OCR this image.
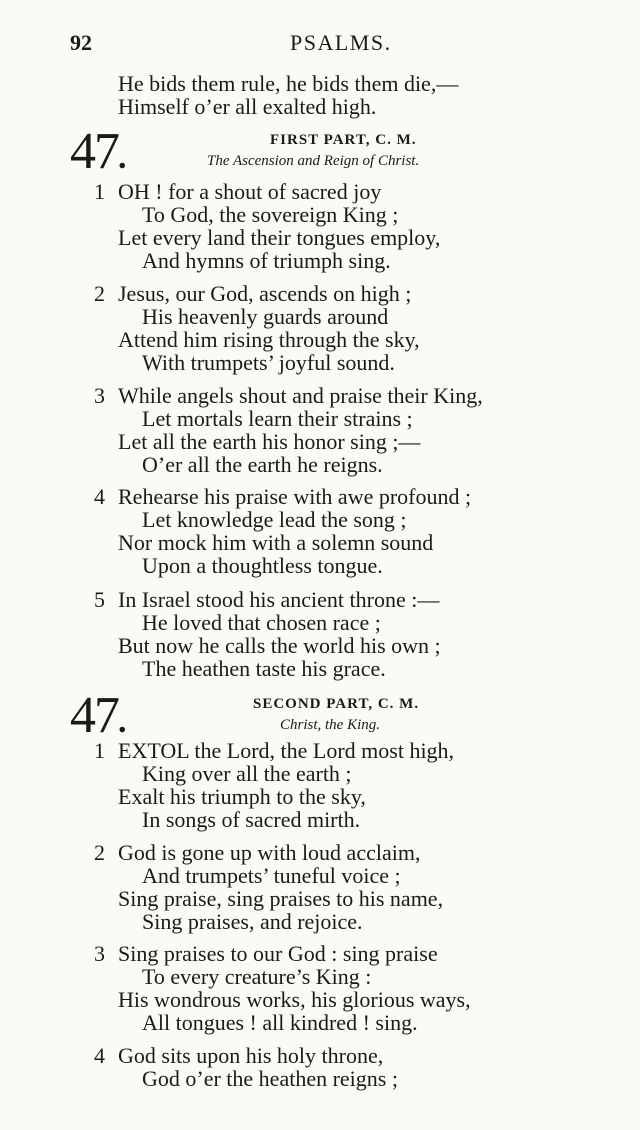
92	PSALMS.
He bids them rule, he bids them die,—
Himself o’er all exalted high.
47.	FIRST PART, C. M.
The Ascension and Reign of Christ.
1 OH ! for a shout of sacred joy
To God, the sovereign King ;
Let every land their tongues employ,
And hymns of triumph sing.
2 Jesus, our God, ascends on high ;
His heavenly guards around
Attend him rising through the sky,
With trumpets’ joyful sound.
3 While angels shout and praise their King,
Let mortals learn their strains ;
Let all the earth his honor sing ;—
O’er all the earth he reigns.
4 Rehearse his praise with awe profound ;
Let knowledge lead the song ;
Nor mock him with a solemn sound
Upon a thoughtless tongue.
5 In Israel stood his ancient throne :—
He loved that chosen race ;
But now he calls the world his own ;
The heathen taste his grace.
47.	SECOND PART, C. M.
Christ, the King.
1 EXTOL the Lord, the Lord most high,
King over all the earth ;
Exalt his triumph to the sky,
In songs of sacred mirth.
2 God is gone up with loud acclaim,
And trumpets’ tuneful voice ;
Sing praise, sing praises to his name,
Sing praises, and rejoice.
3 Sing praises to our God : sing praise
To every creature’s King :
His wondrous works, his glorious ways,
All tongues ! all kindred ! sing.
4 God sits upon his holy throne,
God o’er the heathen reigns ;
